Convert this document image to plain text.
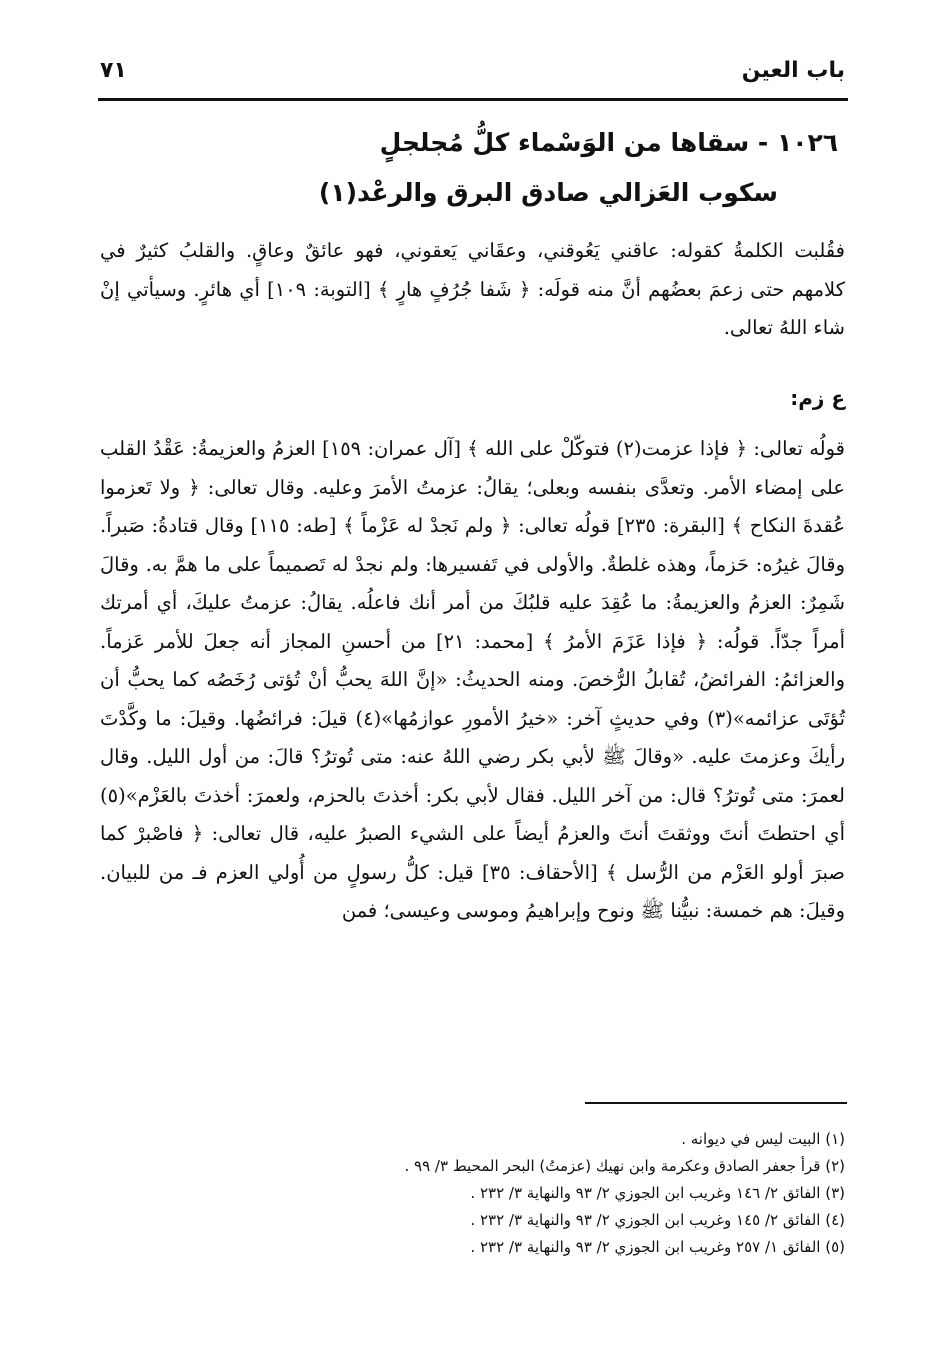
باب العين
٧١
١٠٢٦ - سقاها من الوَسْماء كلُّ مُجلجلٍ
سكوب العَزالي صادق البرق والرعْد(١)
فقُلبت الكلمةُ كقوله: عاقني يَعُوقني، وعقَاني يَعقوني، فهو عائقٌ وعاقٍ. والقلبُ كثيرٌ في كلامهم حتى زعمَ بعضُهم أنَّ منه قولَه: ﴿ شَفا جُرُفٍ هارٍ ﴾ [التوبة: ١٠٩] أي هائرٍ. وسيأتي إنْ شاء اللهُ تعالى.
ع زم:
قولُه تعالى: ﴿ فإذا عزمت(٢) فتوكّلْ على الله ﴾ [آل عمران: ١٥٩] العزمُ والعزيمةُ: عَقْدُ القلب على إمضاء الأمر. وتعدَّى بنفسه وبعلى؛ يقالُ: عزمتُ الأمرَ وعليه. وقال تعالى: ﴿ ولا تَعزموا عُقدةَ النكاح ﴾ [البقرة: ٢٣٥] قولُه تعالى: ﴿ ولم نَجدْ له عَزْماً ﴾ [طه: ١١٥] وقال قتادةُ: صَبراً. وقالَ غيرُه: حَزماً، وهذه غلطةٌ. والأولى في تَفسيرها: ولم نجدْ له تَصميماً على ما همَّ به. وقالَ شَمِرٌ: العزمُ والعزيمةُ: ما عُقِدَ عليه قلبُكَ من أمر أنك فاعلُه. يقالُ: عزمتُ عليكَ، أي أمرتك أمراً جدّاً. قولُه: ﴿ فإذا عَزَمَ الأمرُ ﴾ [محمد: ٢١] من أحسنِ المجاز أنه جعلَ للأمر عَزماً. والعزائمُ: الفرائضُ، تُقابلُ الرُّخصَ. ومنه الحديثُ: «إنَّ اللهَ يحبُّ أنْ تُؤتى رُخَصُه كما يحبُّ أن تُؤتَى عزائمه»(٣) وفي حديثٍ آخر: «خيرُ الأمورِ عوازمُها»(٤) قيلَ: فرائضُها. وقيلَ: ما وكَّدْتَ رأيكَ وعزمتَ عليه. «وقالَ ﷺ لأبي بكر رضي اللهُ عنه: متى تُوترُ؟ قالَ: من أول الليل. وقال لعمرَ: متى تُوترُ؟ قال: من آخر الليل. فقال لأبي بكر: أخذتَ بالحزم، ولعمرَ: أخذتَ بالعَزْم»(٥) أي احتطتَ أنتَ ووثقتَ أنتَ والعزمُ أيضاً على الشيء الصبرُ عليه، قال تعالى: ﴿ فاصْبرْ كما صبرَ أولو العَزْم من الرُّسل ﴾ [الأحقاف: ٣٥] قيل: كلُّ رسولٍ من أُولي العزم فـ من للبيان. وقيلَ: هم خمسة: نبيُّنا ﷺ ونوح وإبراهيمُ وموسى وعيسى؛ فمن
(١) البيت ليس في ديوانه .
(٢) قرأ جعفر الصادق وعكرمة وابن نهيك (عزمتُ) البحر المحيط ٣/ ٩٩ .
(٣) الفائق ٢/ ١٤٦ وغريب ابن الجوزي ٢/ ٩٣ والنهاية ٣/ ٢٣٢ .
(٤) الفائق ٢/ ١٤٥ وغريب ابن الجوزي ٢/ ٩٣ والنهاية ٣/ ٢٣٢ .
(٥) الفائق ١/ ٢٥٧ وغريب ابن الجوزي ٢/ ٩٣ والنهاية ٣/ ٢٣٢ .
